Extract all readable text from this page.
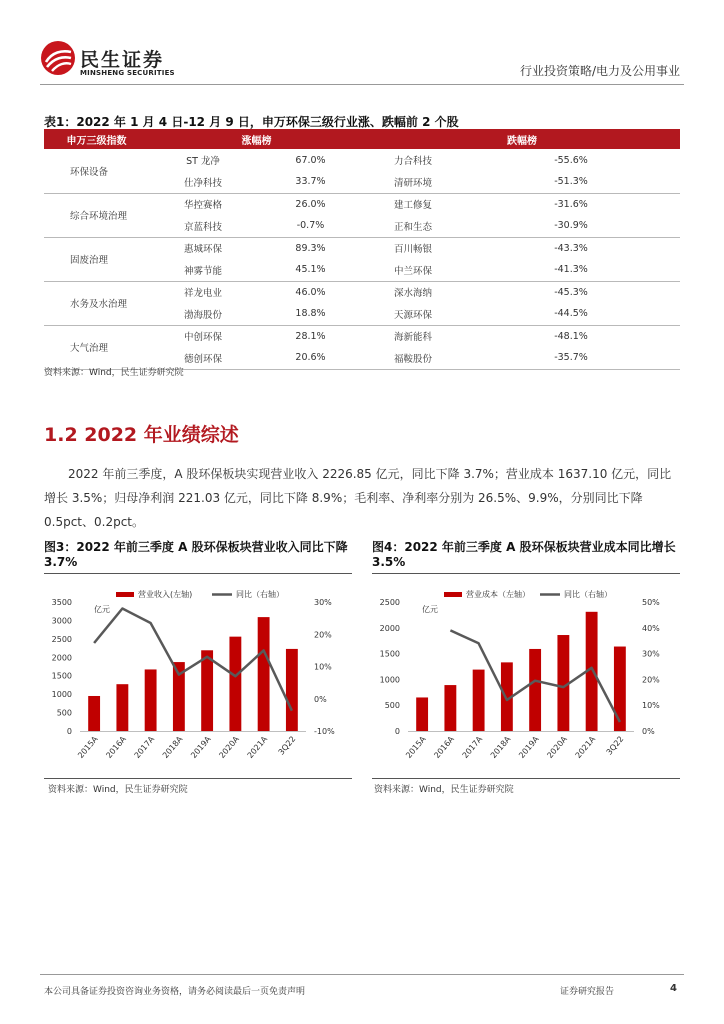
民生证券
MINSHENG SECURITIES	行业投资策略/电力及公用事业
表1：2022 年 1 月 4 日-12 月 9 日，申万环保三级行业涨、跌幅前 2 个股
申万三级指数	涨幅榜		跌幅榜	
环保设备	ST 龙净	67.0%	力合科技	-55.6%
	仕净科技	33.7%	清研环境	-51.3%
综合环境治理	华控赛格	26.0%	建工修复	-31.6%
	京蓝科技	-0.7%	正和生态	-30.9%
固废治理	惠城环保	89.3%	百川畅银	-43.3%
	神雾节能	45.1%	中兰环保	-41.3%
水务及水治理	祥龙电业	46.0%	深水海纳	-45.3%
	渤海股份	18.8%	天源环保	-44.5%
大气治理	中创环保	28.1%	海新能科	-48.1%
	德创环保	20.6%	福鞍股份	-35.7%
资料来源：Wind，民生证券研究院
1.2 2022 年业绩综述

2022 年前三季度，A 股环保板块实现营业收入 2226.85 亿元，同比下降 3.7%；营业成本 1637.10 亿元，同比增长 3.5%；归母净利润 221.03 亿元，同比下降 8.9%；毛利率、净利率分别为 26.5%、9.9%，分别同比下降 0.5pct、0.2pct。

图3：2022 年前三季度 A 股环保板块营业收入同比下降 3.7%
营业收入(左轴)	同比（右轴）
亿元
3500
3000
2500
2000
1500
1000
500
0
30%
20%
10%
0%
-10%
2015A 2016A 2017A 2018A 2019A 2020A 2021A 3Q22
资料来源：Wind，民生证券研究院
图4：2022 年前三季度 A 股环保板块营业成本同比增长 3.5%
营业成本（左轴）	同比（右轴）
亿元
2500
2000
1500
1000
500
0
50%
40%
30%
20%
10%
0%
2015A 2016A 2017A 2018A 2019A 2020A 2021A 3Q22
资料来源：Wind，民生证券研究院
本公司具备证券投资咨询业务资格，请务必阅读最后一页免责声明	证券研究报告	4
